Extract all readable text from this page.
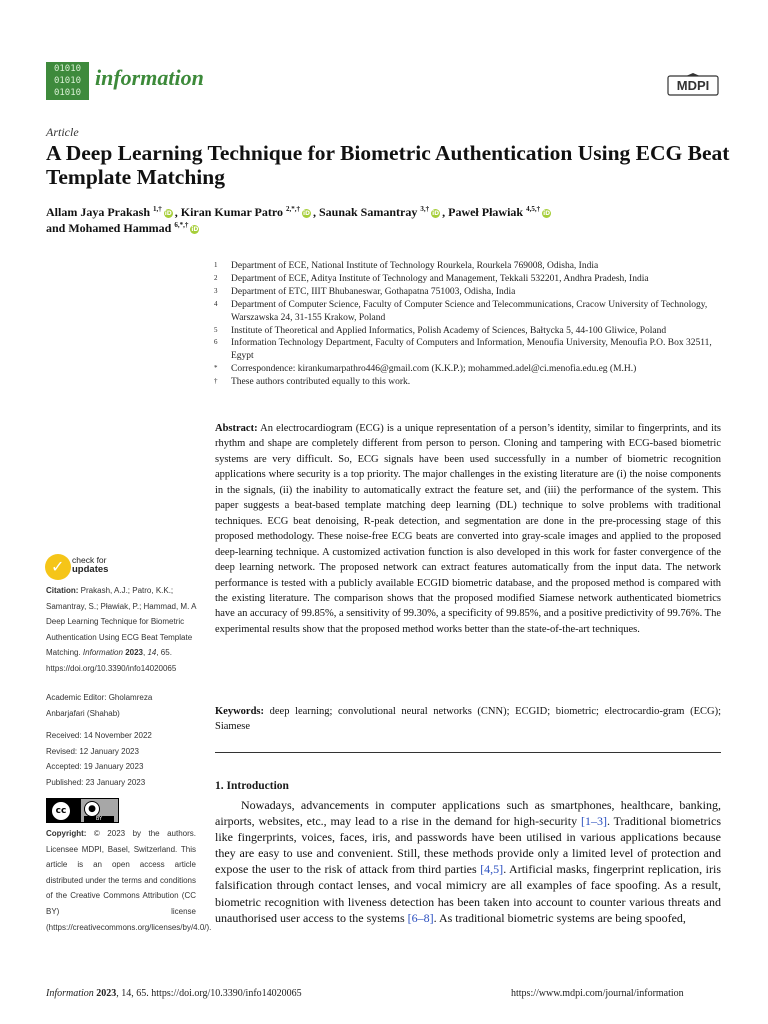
01010
01010
01010
information	MDPI
Article
A Deep Learning Technique for Biometric Authentication Using ECG Beat Template Matching
Allam Jaya Prakash $^{1,\dagger}$iD , Kiran Kumar Patro $^{2,*,\dagger}$iD , Saunak Samantray $^{3,\dagger}$iD , Paweł Pławiak $^{4,5,\dagger}$iD
and Mohamed Hammad $^{6,*,\dagger}$iD
1	Department of ECE, National Institute of Technology Rourkela, Rourkela 769008, Odisha, India
2	Department of ECE, Aditya Institute of Technology and Management, Tekkali 532201, Andhra Pradesh, India
3	Department of ETC, IIIT Bhubaneswar, Gothapatna 751003, Odisha, India
4	Department of Computer Science, Faculty of Computer Science and Telecommunications, Cracow University of Technology, Warszawska 24, 31-155 Krakow, Poland
5	Institute of Theoretical and Applied Informatics, Polish Academy of Sciences, Bałtycka 5, 44-100 Gliwice, Poland
6	Information Technology Department, Faculty of Computers and Information, Menoufia University, Menoufia P.O. Box 32511, Egypt
*	Correspondence: kirankumarpathro446@gmail.com (K.K.P.); mohammed.adel@ci.menofia.edu.eg (M.H.)
†	These authors contributed equally to this work.
Abstract: An electrocardiogram (ECG) is a unique representation of a person’s identity, similar to fingerprints, and its rhythm and shape are completely different from person to person. Cloning and tampering with ECG-based biometric systems are very difficult. So, ECG signals have been used successfully in a number of biometric recognition applications where security is a top priority. The major challenges in the existing literature are (i) the noise components in the signals, (ii) the inability to automatically extract the feature set, and (iii) the performance of the system. This paper suggests a beat-based template matching deep learning (DL) technique to solve problems with traditional techniques. ECG beat denoising, R-peak detection, and segmentation are done in the pre-processing stage of this proposed methodology. These noise-free ECG beats are converted into gray-scale images and applied to the proposed deep-learning technique. A customized activation function is also developed in this work for faster convergence of the deep learning network. The proposed network can extract features automatically from the input data. The network performance is tested with a publicly available ECGID biometric database, and the proposed method is compared with the existing literature. The comparison shows that the proposed modified Siamese network authenticated biometrics have an accuracy of 99.85%, a sensitivity of 99.30%, a specificity of 99.85%, and a positive predictivity of 99.76%. The experimental results show that the proposed method works better than the state-of-the-art techniques.
Keywords: deep learning; convolutional neural networks (CNN); ECGID; biometric; electrocardio-gram (ECG); Siamese
1. Introduction
Nowadays, advancements in computer applications such as smartphones, healthcare, banking, airports, websites, etc., may lead to a rise in the demand for high-security [1–3]. Traditional biometrics like fingerprints, voices, faces, iris, and passwords have been utilised in various applications because they are easy to use and convenient. Still, these methods provide only a limited level of protection and expose the user to the risk of attack from third parties [4,5]. Artificial masks, fingerprint replication, iris falsification through contact lenses, and vocal mimicry are all examples of face spoofing. As a result, biometric recognition with liveness detection has been taken into account to counter various threats and unauthorised user access to the systems [6–8]. As traditional biometric systems are being spoofed,
✓ check for
updates
Citation: Prakash, A.J.; Patro, K.K.; Samantray, S.; Pławiak, P.; Hammad, M. A Deep Learning Technique for Biometric Authentication Using ECG Beat Template Matching. Information 2023, 14, 65. https://doi.org/10.3390/info14020065
Academic Editor: Gholamreza
Anbarjafari (Shahab)
Received: 14 November 2022
Revised: 12 January 2023
Accepted: 19 January 2023
Published: 23 January 2023
cc	●
BY
Copyright: © 2023 by the authors. Licensee MDPI, Basel, Switzerland. This article is an open access article distributed under the terms and conditions of the Creative Commons Attribution (CC BY) license (https://creativecommons.org/licenses/by/4.0/).
Information 2023, 14, 65. https://doi.org/10.3390/info14020065	https://www.mdpi.com/journal/information
